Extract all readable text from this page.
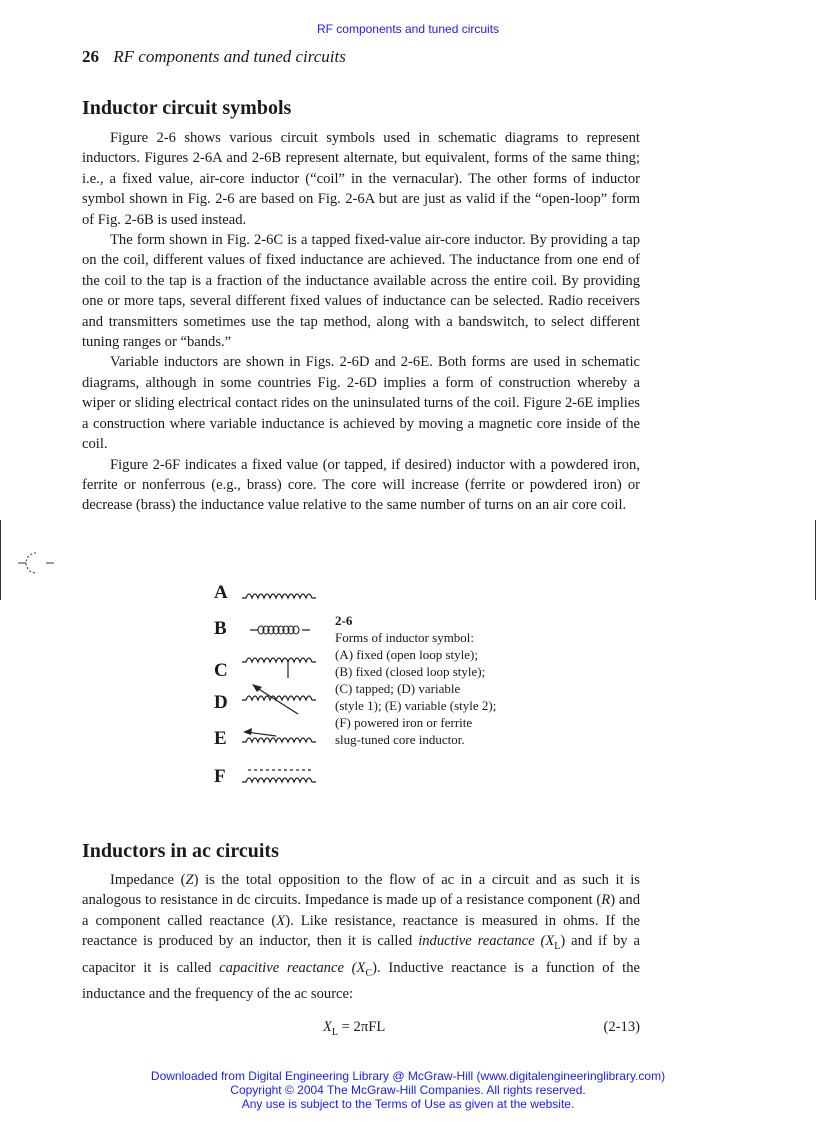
RF components and tuned circuits
26 RF components and tuned circuits
Inductor circuit symbols

Figure 2-6 shows various circuit symbols used in schematic diagrams to represent inductors. Figures 2-6A and 2-6B represent alternate, but equivalent, forms of the same thing; i.e., a fixed value, air-core inductor (“coil” in the vernacular). The other forms of inductor symbol shown in Fig. 2-6 are based on Fig. 2-6A but are just as valid if the “open-loop” form of Fig. 2-6B is used instead.

The form shown in Fig. 2-6C is a tapped fixed-value air-core inductor. By providing a tap on the coil, different values of fixed inductance are achieved. The inductance from one end of the coil to the tap is a fraction of the inductance available across the entire coil. By providing one or more taps, several different fixed values of inductance can be selected. Radio receivers and transmitters sometimes use the tap method, along with a bandswitch, to select different tuning ranges or “bands.”

Variable inductors are shown in Figs. 2-6D and 2-6E. Both forms are used in schematic diagrams, although in some countries Fig. 2-6D implies a form of construction whereby a wiper or sliding electrical contact rides on the uninsulated turns of the coil. Figure 2-6E implies a construction where variable inductance is achieved by moving a magnetic core inside of the coil.

Figure 2-6F indicates a fixed value (or tapped, if desired) inductor with a powdered iron, ferrite or nonferrous (e.g., brass) core. The core will increase (ferrite or powdered iron) or decrease (brass) the inductance value relative to the same number of turns on an air core coil.

A
B
C
D
E
F
2-6
Forms of inductor symbol:
(A) fixed (open loop style);
(B) fixed (closed loop style);
(C) tapped; (D) variable
(style 1); (E) variable (style 2);
(F) powered iron or ferrite
slug-tuned core inductor.
Inductors in ac circuits

Impedance (Z) is the total opposition to the flow of ac in a circuit and as such it is analogous to resistance in dc circuits. Impedance is made up of a resistance component (R) and a component called reactance (X). Like resistance, reactance is measured in ohms. If the reactance is produced by an inductor, then it is called inductive reactance $(X_L)$ and if by a capacitor it is called capacitive reactance $(X_C)$. Inductive reactance is a function of the inductance and the frequency of the ac source:

$X_L = 2\pi FL$	(2-13)
Downloaded from Digital Engineering Library @ McGraw-Hill (www.digitalengineeringlibrary.com)
Copyright © 2004 The McGraw-Hill Companies. All rights reserved.
Any use is subject to the Terms of Use as given at the website.
